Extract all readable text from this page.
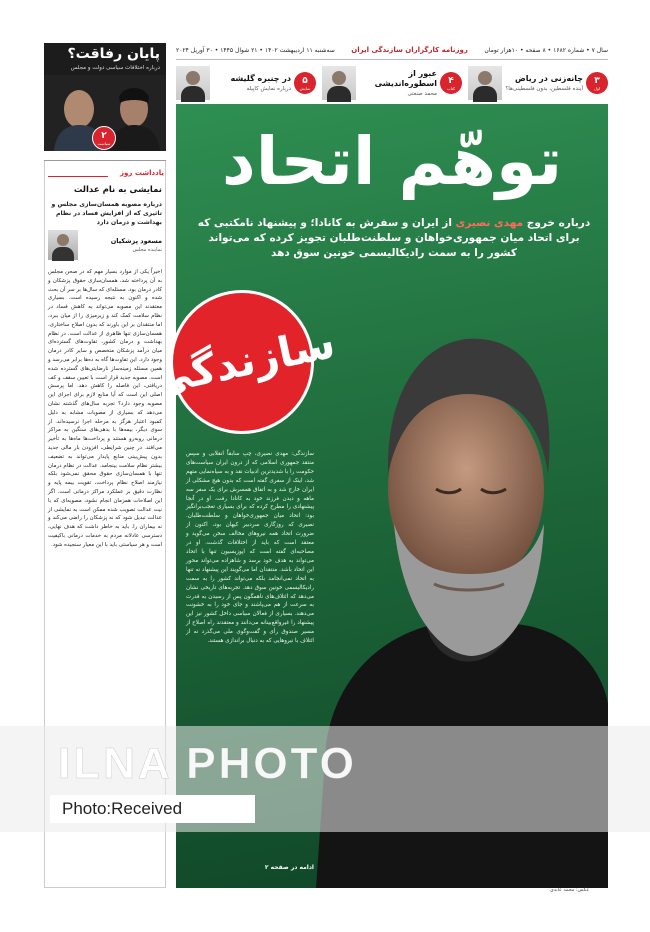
سال ۷ • شماره ۱۶۸۲ • ۸ صفحه • ۱۰هزار تومان
روزنامه کارگزاران سازندگی ایران
سه‌شنبه ۱۱ اردیبهشت ۱۴۰۲ • ۲۱ شوال ۱۴۴۵ • ۳۰ آوریل ۲۰۲۴
۳
اول
چانه‌زنی در ریاض
آینده فلسطین، بدون فلسطینی‌ها؟
۴
کتاب
عبور از اسطوره‌اندیشی
محمد صنعتی
۵
نمایش
در چنبره گلیشه
درباره نمایش کاپیله
توهّم اتحاد
درباره خروج مهدی نصیری از ایران و سفرش به کانادا؛ و پیشنهاد نامکتبی که برای اتحاد میان جمهوری‌خواهان و سلطنت‌طلبان تجویز کرده که می‌تواند کشور را به سمت رادیکالیسمی خونین سوق دهد
سازندگی
سازندگی: مهدی نصیری، چپ سابقاً انقلابی و سپس منتقد جمهوری اسلامی که از درون ایران سیاست‌های حکومت را با شدیدترین ادبیات نقد و به سیاه‌نمایی متهم شد، اینک از سفری گفته است که بدون هیچ مشکلی از ایران خارج شد و به اتفاق همسرش برای یک سفر سه ماهه و دیدن فرزند خود به کانادا رفت. او در آنجا پیشنهادی را مطرح کرده که برای بسیاری تعجب‌برانگیز بود: اتحاد میان جمهوری‌خواهان و سلطنت‌طلبان. نصیری که روزگاری سردبیر کیهان بود، اکنون از ضرورت اتحاد همه نیروهای مخالف سخن می‌گوید و معتقد است که باید از اختلافات گذشت. او در مصاحبه‌ای گفته است که اپوزیسیون تنها با اتحاد می‌تواند به هدف خود برسد و شاهزاده می‌تواند محور این اتحاد باشد. منتقدان اما می‌گویند این پیشنهاد نه تنها به اتحاد نمی‌انجامد بلکه می‌تواند کشور را به سمت رادیکالیسمی خونین سوق دهد. تجربه‌های تاریخی نشان می‌دهد که ائتلاف‌های ناهمگون پس از رسیدن به قدرت به سرعت از هم می‌پاشند و جای خود را به خشونت می‌دهند. بسیاری از فعالان سیاسی داخل کشور نیز این پیشنهاد را غیرواقع‌بینانه می‌دانند و معتقدند راه اصلاح از مسیر صندوق رأی و گفت‌وگوی ملی می‌گذرد نه از ائتلاف با نیروهایی که به دنبال براندازی هستند.
ادامه در صفحه ۲
عکس: محمد عابدی
پایان رفاقت؟
درباره اختلافات سیاسی دولت و مجلس
۲
سیاست
یادداشت روز
نمایشی به نام عدالت
درباره مصوبه همسان‌سازی مجلس و تاثیری که از افزایش فساد در نظام بهداشت و درمان دارد
مسعود پزشکیان
نماینده مجلس
اخیراً یکی از موارد بسیار مهم که در صحن مجلس به آن پرداخته شد، همسان‌سازی حقوق پزشکان و کادر درمان بود. مسئله‌ای که سال‌ها بر سر آن بحث شده و اکنون به نتیجه رسیده است. بسیاری معتقدند این مصوبه می‌تواند به کاهش فساد در نظام سلامت کمک کند و زیرمیزی را از میان ببرد، اما منتقدان بر این باورند که بدون اصلاح ساختاری، همسان‌سازی تنها ظاهری از عدالت است. در نظام بهداشت و درمان کشور، تفاوت‌های گسترده‌ای میان درآمد پزشکان متخصص و سایر کادر درمان وجود دارد. این تفاوت‌ها گاه به ده‌ها برابر می‌رسد و همین مسئله زمینه‌ساز نارضایتی‌های گسترده شده است. مصوبه جدید قرار است با تعیین سقف و کف دریافتی، این فاصله را کاهش دهد. اما پرسش اصلی این است که آیا منابع لازم برای اجرای این مصوبه وجود دارد؟ تجربه سال‌های گذشته نشان می‌دهد که بسیاری از مصوبات مشابه به دلیل کمبود اعتبار هرگز به مرحله اجرا نرسیده‌اند. از سوی دیگر، بیمه‌ها با بدهی‌های سنگین به مراکز درمانی روبه‌رو هستند و پرداخت‌ها ماه‌ها به تأخیر می‌افتد. در چنین شرایطی، افزودن بار مالی جدید بدون پیش‌بینی منابع پایدار می‌تواند به تضعیف بیشتر نظام سلامت بینجامد. عدالت در نظام درمان تنها با همسان‌سازی حقوق محقق نمی‌شود بلکه نیازمند اصلاح نظام پرداخت، تقویت بیمه پایه و نظارت دقیق بر عملکرد مراکز درمانی است. اگر این اصلاحات همزمان انجام نشود، مصوبه‌ای که با نیت عدالت تصویب شده ممکن است به نمایشی از عدالت تبدیل شود که نه پزشکان را راضی می‌کند و نه بیماران را. باید به خاطر داشت که هدف نهایی، دسترسی عادلانه مردم به خدمات درمانی باکیفیت است و هر سیاستی باید با این معیار سنجیده شود.
ILNA PHOTO
Photo:Received
